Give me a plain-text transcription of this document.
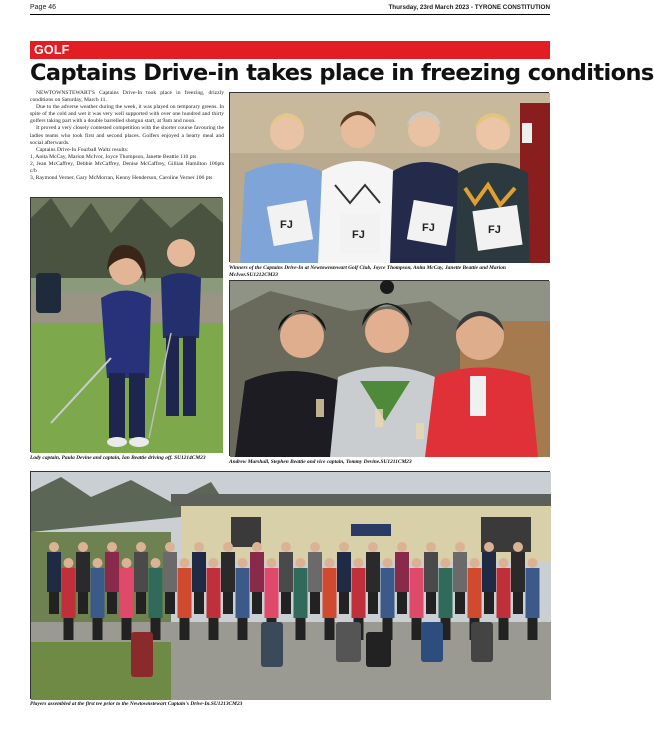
Page 46	Thursday, 23rd March 2023 - TYRONE CONSTITUTION
GOLF
Captains Drive-in takes place in freezing conditions

NEWTOWNSTEWART'S Captains Drive-In took place in freezing, drizzly conditions on Saturday, March 11.

Due to the adverse weather during the week, it was played on temporary greens. In spite of the cold and wet it was very well supported with over one hundred and thirty golfers taking part with a double barrelled shotgun start, at 9am and noon.

It proved a very closely contested competition with the shorter course favouring the ladies teams who took first and second places. Golfers enjoyed a hearty meal and social afterwards.

Captains Drive-In Fourball Waltz results:

1, Anita McCay, Marion McIvor, Joyce Thompson, Janette Beattie 110 pts

2, Jean McCaffrey, Debbie McCaffrey, Denise McCaffrey, Gillian Hamilton 106pts c/b

3, Raymond Verner, Gary McMorran, Kenny Henderson, Caroline Verner 106 pts

FJ
FJ
FJ	FJ
Winners of the Captains Drive-In at Newtownstewart Golf Club, Joyce Thompson, Anita McCay, Janette Beattie and Marion McIvor.SU1212CM23
Lady captain, Paula Devine and captain, Ian Beattie driving off. SU1214CM23
Andrew Marshall, Stephen Beattie and vice captain, Tommy Devine.SU1211CM23
Players assembled at the first tee prior to the Newtownstewart Captain's Drive-In.SU1213CM23
